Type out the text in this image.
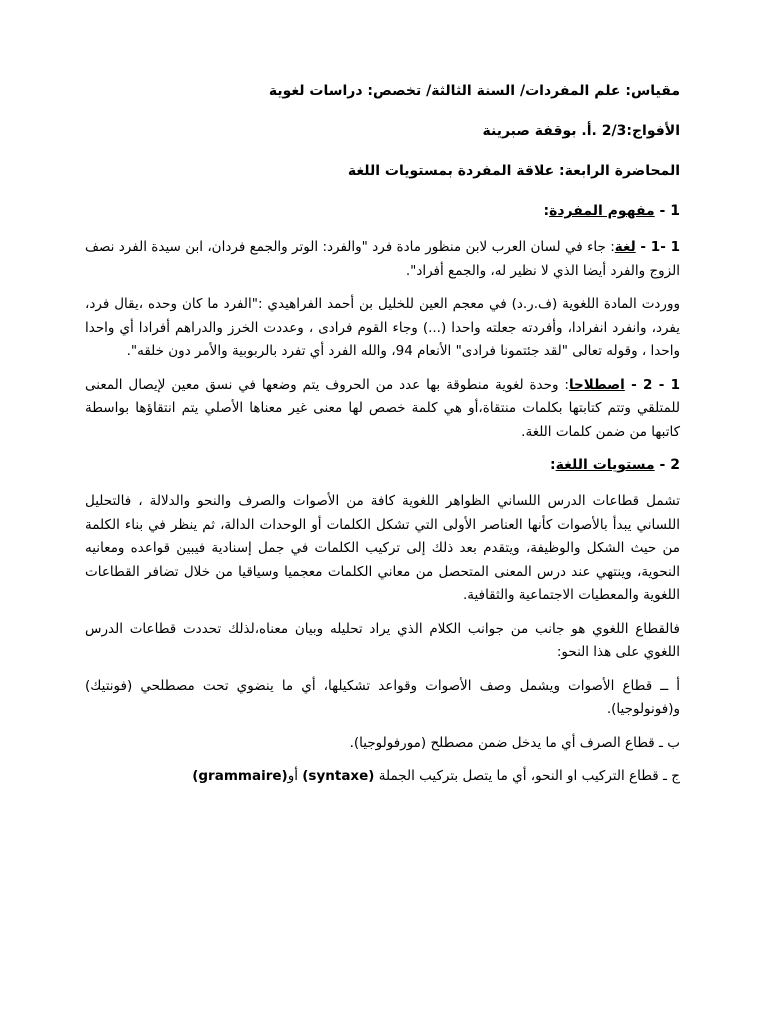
مقياس: علم المفردات/ السنة الثالثة/ تخصص: دراسات لغوية
الأفواج:2/3 .أ. بوقفة صبرينة
المحاضرة الرابعة: علاقة المفردة بمستويات اللغة
1 - مفهوم المفردة:

1 -1 - لغة: جاء في لسان العرب لابن منظور مادة فرد "والفرد: الوتر والجمع فردان، ابن سيدة الفرد نصف الزوج والفرد أيضا الذي لا نظير له، والجمع أفراد".

ووردت المادة اللغوية (ف.ر.د) في معجم العين للخليل بن أحمد الفراهيدي :"الفرد ما كان وحده ،يقال فرد، يفرد، وانفرد انفرادا، وأفردته جعلته واحدا (...) وجاء القوم فرادى ، وعددت الخرز والدراهم أفرادا أي واحدا واحدا ، وقوله تعالى "لقد جئتمونا فرادى" الأنعام 94، والله الفرد أي تفرد بالربوبية والأمر دون خلقه".

1 - 2 - اصطلاحا: وحدة لغوية منطوقة بها عدد من الحروف يتم وضعها في نسق معين لإيصال المعنى للمتلقي وتتم كتابتها بكلمات منتقاة،أو هي كلمة خصص لها معنى غير معناها الأصلي يتم انتقاؤها بواسطة كاتبها من ضمن كلمات اللغة.

2 - مستويات اللغة:

تشمل قطاعات الدرس اللساني الظواهر اللغوية كافة من الأصوات والصرف والنحو والدلالة ، فالتحليل اللساني يبدأ بالأصوات كأنها العناصر الأولى التي تشكل الكلمات أو الوحدات الدالة، ثم ينظر في بناء الكلمة من حيث الشكل والوظيفة، ويتقدم بعد ذلك إلى تركيب الكلمات في جمل إسنادية فيبين قواعده ومعانيه النحوية، وينتهي عند درس المعنى المتحصل من معاني الكلمات معجميا وسياقيا من خلال تضافر القطاعات اللغوية والمعطيات الاجتماعية والثقافية.

فالقطاع اللغوي هو جانب من جوانب الكلام الذي يراد تحليله وبيان معناه،لذلك تحددت قطاعات الدرس اللغوي على هذا النحو:

أ ــ قطاع الأصوات ويشمل وصف الأصوات وقواعد تشكيلها، أي ما ينضوي تحت مصطلحي (فونتيك) و(فونولوجيا).

ب ـ قطاع الصرف أي ما يدخل ضمن مصطلح (مورفولوجيا).

ج ـ قطاع التركيب او النحو، أي ما يتصل بتركيب الجملة (syntaxe) أو(grammaire)
